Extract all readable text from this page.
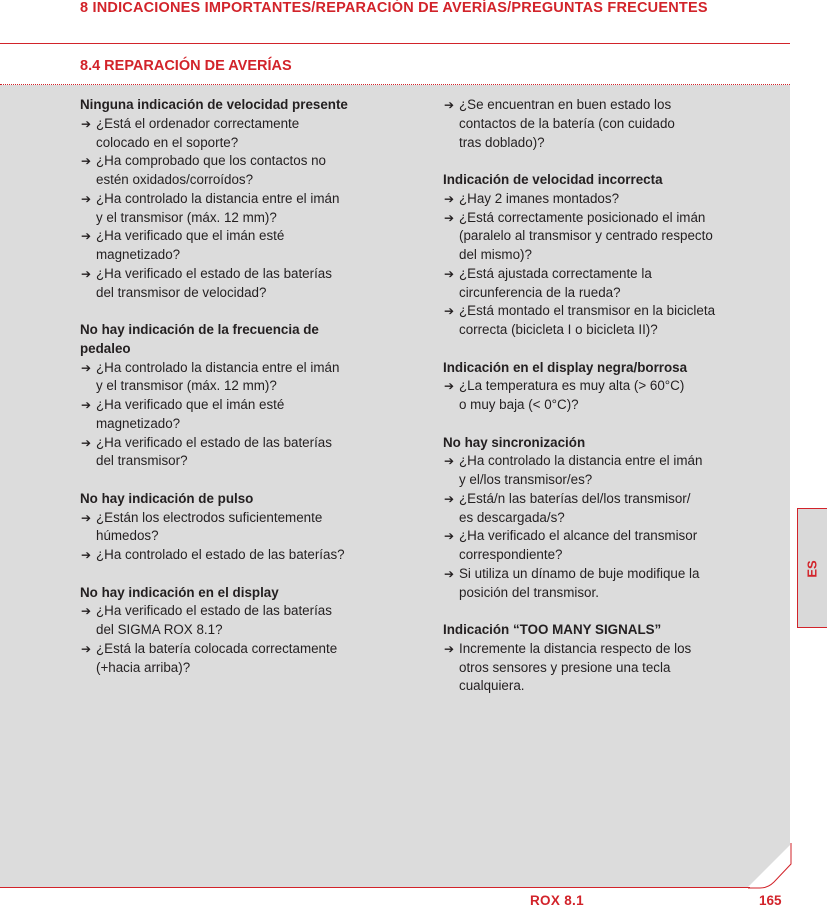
8 INDICACIONES IMPORTANTES/REPARACIÓN DE AVERÍAS/PREGUNTAS FRECUENTES
8.4 REPARACIÓN DE AVERÍAS
Ninguna indicación de velocidad presente
➔ ¿Está el ordenador correctamente
colocado en el soporte?
➔ ¿Ha comprobado que los contactos no
estén oxidados/corroídos?
➔ ¿Ha controlado la distancia entre el imán
y el transmisor (máx. 12 mm)?
➔ ¿Ha verificado que el imán esté
magnetizado?
➔ ¿Ha verificado el estado de las baterías
del transmisor de velocidad?
No hay indicación de la frecuencia de
pedaleo
➔ ¿Ha controlado la distancia entre el imán
y el transmisor (máx. 12 mm)?
➔ ¿Ha verificado que el imán esté
magnetizado?
➔ ¿Ha verificado el estado de las baterías
del transmisor?
No hay indicación de pulso
➔ ¿Están los electrodos suficientemente
húmedos?
➔ ¿Ha controlado el estado de las baterías?
No hay indicación en el display
➔ ¿Ha verificado el estado de las baterías
del SIGMA ROX 8.1?
➔ ¿Está la batería colocada correctamente
(+hacia arriba)?
➔ ¿Se encuentran en buen estado los
contactos de la batería (con cuidado
tras doblado)?
Indicación de velocidad incorrecta
➔ ¿Hay 2 imanes montados?
➔ ¿Está correctamente posicionado el imán
(paralelo al transmisor y centrado respecto
del mismo)?
➔ ¿Está ajustada correctamente la
circunferencia de la rueda?
➔ ¿Está montado el transmisor en la bicicleta
correcta (bicicleta I o bicicleta II)?
Indicación en el display negra/borrosa
➔ ¿La temperatura es muy alta (> 60°C)
o muy baja (< 0°C)?
No hay sincronización
➔ ¿Ha controlado la distancia entre el imán
y el/los transmisor/es?
➔ ¿Está/n las baterías del/los transmisor/
es descargada/s?
➔ ¿Ha verificado el alcance del transmisor
correspondiente?
➔ Si utiliza un dínamo de buje modifique la
posición del transmisor.
Indicación “TOO MANY SIGNALS”
➔ Incremente la distancia respecto de los
otros sensores y presione una tecla
cualquiera.
ES
ROX 8.1	165
